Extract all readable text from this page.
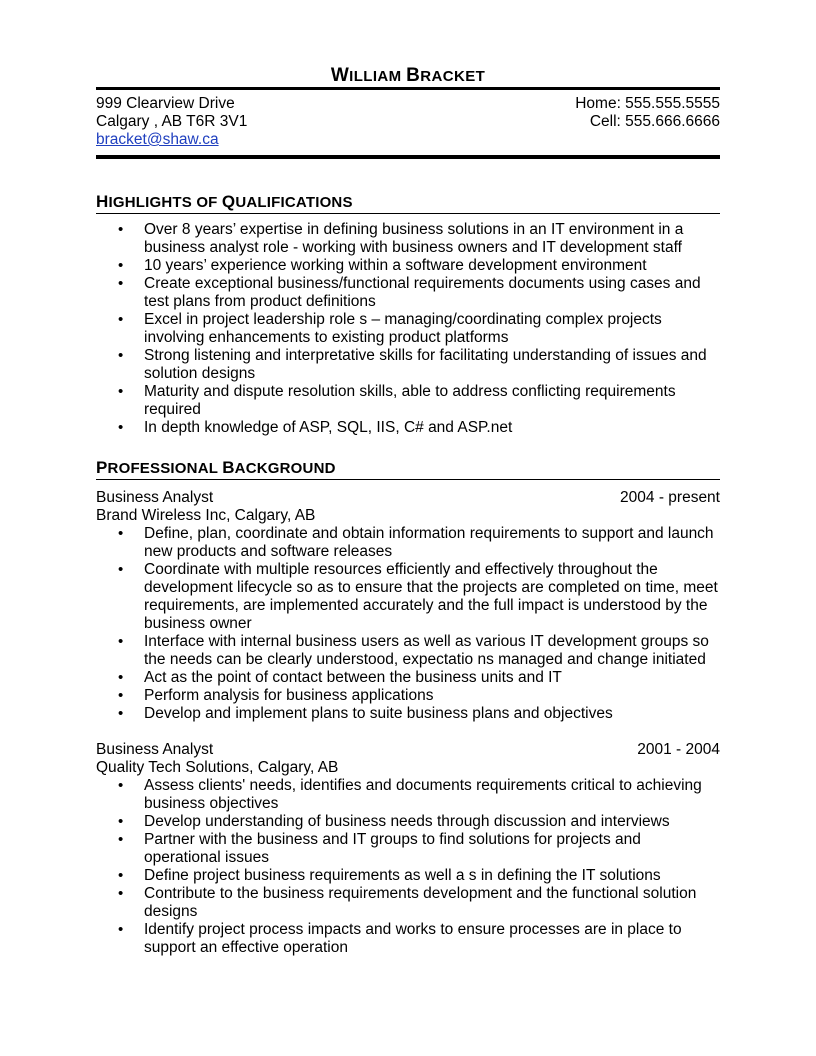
WILLIAM BRACKET
999 Clearview Drive
Calgary , AB T6R 3V1
bracket@shaw.ca
Home: 555.555.5555
Cell: 555.666.6666
HIGHLIGHTS OF QUALIFICATIONS
• Over 8 years’ expertise in defining business solutions in an IT environment in a business analyst role - working with business owners and IT development staff
• 10 years’ experience working within a software development environment
• Create exceptional business/functional requirements documents using cases and test plans from product definitions
• Excel in project leadership role s – managing/coordinating complex projects involving enhancements to existing product platforms
• Strong listening and interpretative skills for facilitating understanding of issues and solution designs
• Maturity and dispute resolution skills, able to address conflicting requirements required
• In depth knowledge of ASP, SQL, IIS, C# and ASP.net
PROFESSIONAL BACKGROUND
Business Analyst	2004 - present
Brand Wireless Inc, Calgary, AB
• Define, plan, coordinate and obtain information requirements to support and launch new products and software releases
• Coordinate with multiple resources efficiently and effectively throughout the development lifecycle so as to ensure that the projects are completed on time, meet requirements, are implemented accurately and the full impact is understood by the business owner
• Interface with internal business users as well as various IT development groups so the needs can be clearly understood, expectatio ns managed and change initiated
• Act as the point of contact between the business units and IT
• Perform analysis for business applications
• Develop and implement plans to suite business plans and objectives
Business Analyst	2001 - 2004
Quality Tech Solutions, Calgary, AB
• Assess clients' needs, identifies and documents requirements critical to achieving business objectives
• Develop understanding of business needs through discussion and interviews
• Partner with the business and IT groups to find solutions for projects and operational issues
• Define project business requirements as well a s in defining the IT solutions
• Contribute to the business requirements development and the functional solution designs
• Identify project process impacts and works to ensure processes are in place to support an effective operation
